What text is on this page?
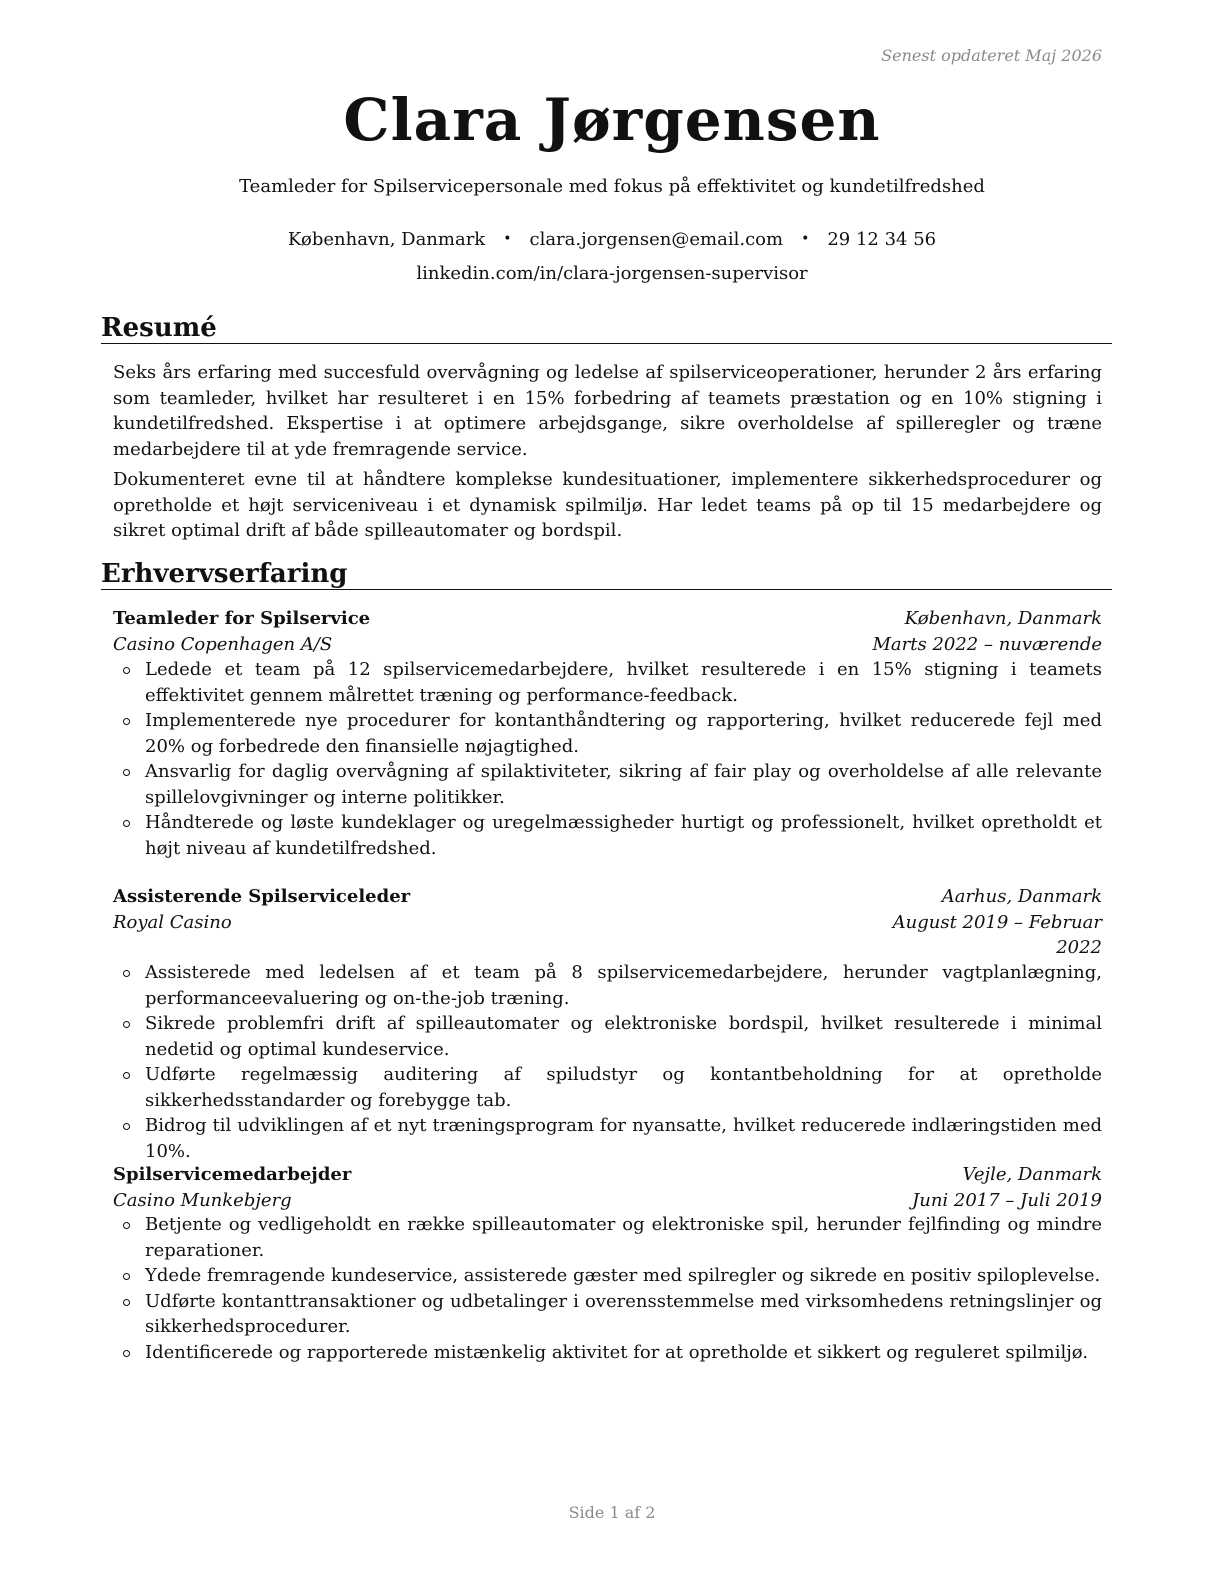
Senest opdateret Maj 2026
Clara Jørgensen
Teamleder for Spilservicepersonale med fokus på effektivitet og kundetilfredshed
København, Danmark • clara.jorgensen@email.com • 29 12 34 56
linkedin.com/in/clara-jorgensen-supervisor
Resumé
Seks års erfaring med succesfuld overvågning og ledelse af spilserviceoperationer, herunder 2 års erfaring som teamleder, hvilket har resulteret i en 15% forbedring af teamets præstation og en 10% stigning i kundetilfredshed. Ekspertise i at optimere arbejdsgange, sikre overholdelse af spilleregler og træne medarbejdere til at yde fremragende service.
Dokumenteret evne til at håndtere komplekse kundesituationer, implementere sikkerhedsprocedurer og opretholde et højt serviceniveau i et dynamisk spilmiljø. Har ledet teams på op til 15 medarbejdere og sikret optimal drift af både spilleautomater og bordspil.
Erhvervserfaring
Teamleder for Spilservice	København, Danmark
Casino Copenhagen A/S	Marts 2022 – nuværende
Ledede et team på 12 spilservicemedarbejdere, hvilket resulterede i en 15% stigning i teamets effektivitet gennem målrettet træning og performance-feedback.
Implementerede nye procedurer for kontanthåndtering og rapportering, hvilket reducerede fejl med 20% og forbedrede den finansielle nøjagtighed.
Ansvarlig for daglig overvågning af spilaktiviteter, sikring af fair play og overholdelse af alle relevante spillelovgivninger og interne politikker.
Håndterede og løste kundeklager og uregelmæssigheder hurtigt og professionelt, hvilket opretholdt et højt niveau af kundetilfredshed.
Assisterende Spilserviceleder	Aarhus, Danmark
Royal Casino	August 2019 – Februar 2022
Assisterede med ledelsen af et team på 8 spilservicemedarbejdere, herunder vagtplanlægning, performanceevaluering og on-the-job træning.
Sikrede problemfri drift af spilleautomater og elektroniske bordspil, hvilket resulterede i minimal nedetid og optimal kundeservice.
Udførte regelmæssig auditering af spiludstyr og kontantbeholdning for at opretholde sikkerhedsstandarder og forebygge tab.
Bidrog til udviklingen af et nyt træningsprogram for nyansatte, hvilket reducerede indlæringstiden med 10%.
Spilservicemedarbejder	Vejle, Danmark
Casino Munkebjerg	Juni 2017 – Juli 2019
Betjente og vedligeholdt en række spilleautomater og elektroniske spil, herunder fejlfinding og mindre reparationer.
Ydede fremragende kundeservice, assisterede gæster med spilregler og sikrede en positiv spiloplevelse.
Udførte kontanttransaktioner og udbetalinger i overensstemmelse med virksomhedens retningslinjer og sikkerhedsprocedurer.
Identificerede og rapporterede mistænkelig aktivitet for at opretholde et sikkert og reguleret spilmiljø.
Side 1 af 2
